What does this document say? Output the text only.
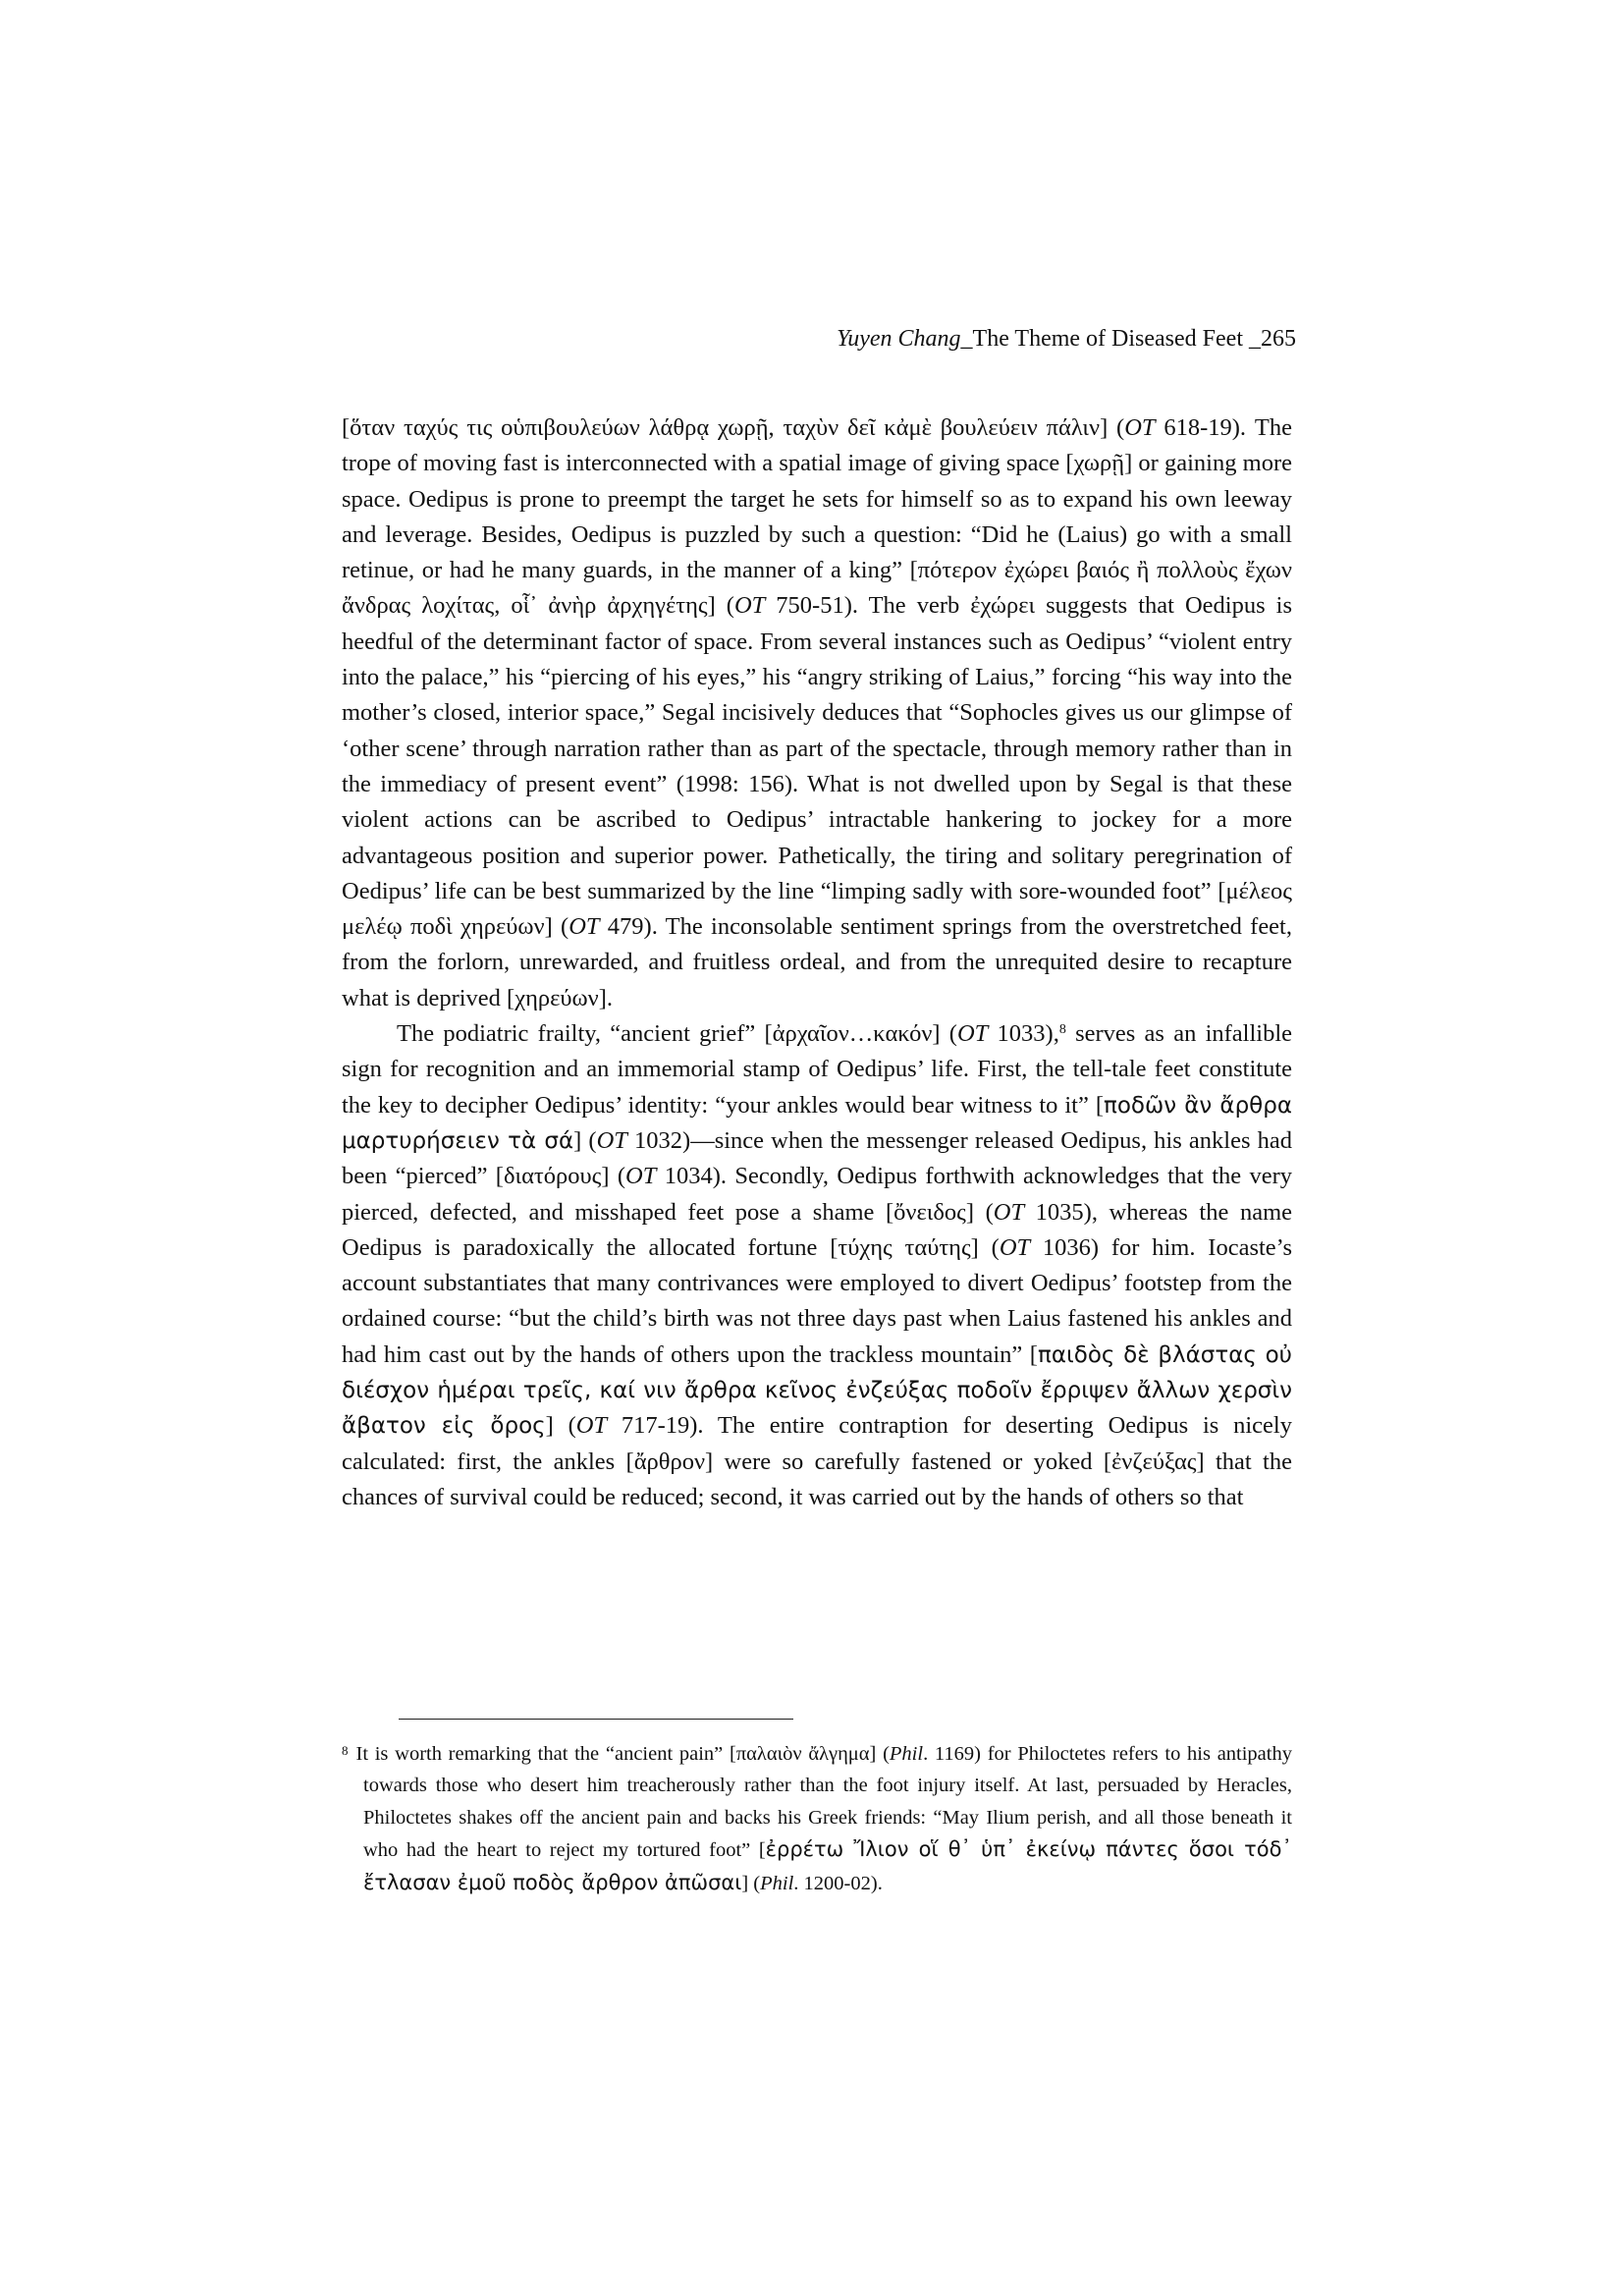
Yuyen Chang_The Theme of Diseased Feet _265

[ὅταν ταχύς τις οὑπιβουλεύων λάθρᾳ χωρῇ, ταχὺν δεῖ κἀμὲ βουλεύειν πάλιν] (OT 618-19). The trope of moving fast is interconnected with a spatial image of giving space [χωρῇ] or gaining more space. Oedipus is prone to preempt the target he sets for himself so as to expand his own leeway and leverage. Besides, Oedipus is puzzled by such a question: “Did he (Laius) go with a small retinue, or had he many guards, in the manner of a king” [πότερον ἐχώρει βαιός ἢ πολλοὺς ἔχων ἄνδρας λοχίτας, οἷ᾽ ἀνὴρ ἀρχηγέτης] (OT 750-51). The verb ἐχώρει suggests that Oedipus is heedful of the determinant factor of space. From several instances such as Oedipus’ “violent entry into the palace,” his “piercing of his eyes,” his “angry striking of Laius,” forcing “his way into the mother’s closed, interior space,” Segal incisively deduces that “Sophocles gives us our glimpse of ‘other scene’ through narration rather than as part of the spectacle, through memory rather than in the immediacy of present event” (1998: 156). What is not dwelled upon by Segal is that these violent actions can be ascribed to Oedipus’ intractable hankering to jockey for a more advantageous position and superior power. Pathetically, the tiring and solitary peregrination of Oedipus’ life can be best summarized by the line “limping sadly with sore-wounded foot” [μέλεος μελέῳ ποδὶ χηρεύων] (OT 479). The inconsolable sentiment springs from the overstretched feet, from the forlorn, unrewarded, and fruitless ordeal, and from the unrequited desire to recapture what is deprived [χηρεύων].

The podiatric frailty, “ancient grief” [ἀρχαῖον…κακόν] (OT 1033),$^8$ serves as an infallible sign for recognition and an immemorial stamp of Oedipus’ life. First, the tell-tale feet constitute the key to decipher Oedipus’ identity: “your ankles would bear witness to it” [ποδῶν ἂν ἄρθρα μαρτυρήσειεν τὰ σά] (OT 1032)—since when the messenger released Oedipus, his ankles had been “pierced” [διατόρους] (OT 1034). Secondly, Oedipus forthwith acknowledges that the very pierced, defected, and misshaped feet pose a shame [ὄνειδος] (OT 1035), whereas the name Oedipus is paradoxically the allocated fortune [τύχης ταύτης] (OT 1036) for him. Iocaste’s account substantiates that many contrivances were employed to divert Oedipus’ footstep from the ordained course: “but the child’s birth was not three days past when Laius fastened his ankles and had him cast out by the hands of others upon the trackless mountain” [παιδὸς δὲ βλάστας οὐ διέσχον ἡμέραι τρεῖς, καί νιν ἄρθρα κεῖνος ἐνζεύξας ποδοῖν ἔρριψεν ἄλλων χερσὶν ἄβατον εἰς ὄρος] (OT 717-19). The entire contraption for deserting Oedipus is nicely calculated: first, the ankles [ἄρθρον] were so carefully fastened or yoked [ἐνζεύξας] that the chances of survival could be reduced; second, it was carried out by the hands of others so that

$^8$ It is worth remarking that the “ancient pain” [παλαιὸν ἄλγημα] (Phil. 1169) for Philoctetes refers to his antipathy towards those who desert him treacherously rather than the foot injury itself. At last, persuaded by Heracles, Philoctetes shakes off the ancient pain and backs his Greek friends: “May Ilium perish, and all those beneath it who had the heart to reject my tortured foot” [ἐρρέτω Ἴλιον οἵ θ᾽ ὑπ᾽ ἐκείνῳ πάντες ὅσοι τόδ᾽ ἔτλασαν ἐμοῦ ποδὸς ἄρθρον ἀπῶσαι] (Phil. 1200-02).
